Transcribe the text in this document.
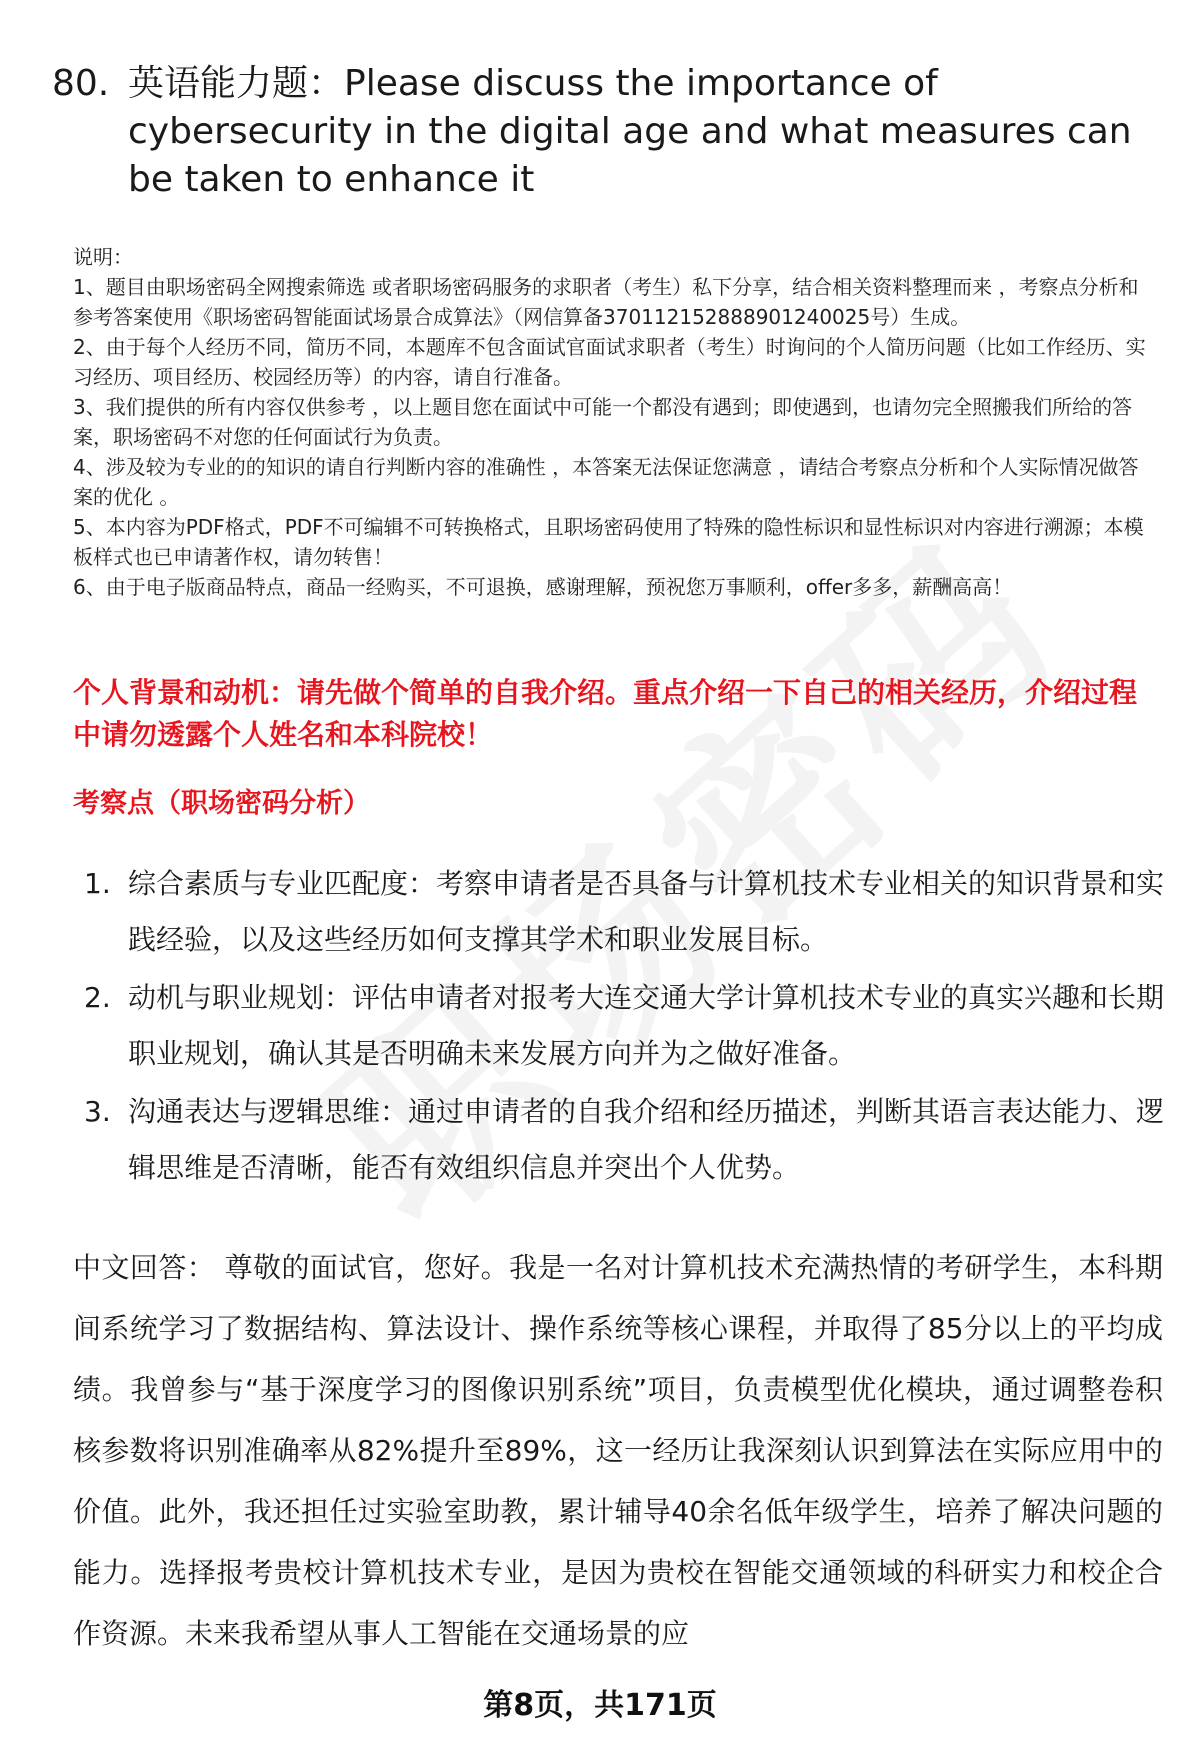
80. 英语能力题：Please discuss the importance of cybersecurity in the digital age and what measures can be taken to enhance it

说明：

1、题目由职场密码全网搜索筛选 或者职场密码服务的求职者（考生）私下分享，结合相关资料整理而来 ，考察点分析和参考答案使用《职场密码智能面试场景合成算法》（网信算备370112152888901240025号）生成。

2、由于每个人经历不同，简历不同，本题库不包含面试官面试求职者（考生）时询问的个人简历问题（比如工作经历、实习经历、项目经历、校园经历等）的内容，请自行准备。

3、我们提供的所有内容仅供参考 ，以上题目您在面试中可能一个都没有遇到；即使遇到，也请勿完全照搬我们所给的答案，职场密码不对您的任何面试行为负责。

4、涉及较为专业的的知识的请自行判断内容的准确性 ，本答案无法保证您满意 ，请结合考察点分析和个人实际情况做答案的优化 。

5、本内容为PDF格式，PDF不可编辑不可转换格式，且职场密码使用了特殊的隐性标识和显性标识对内容进行溯源；本模板样式也已申请著作权，请勿转售！

6、由于电子版商品特点，商品一经购买，不可退换，感谢理解，预祝您万事顺利，offer多多，薪酬高高！

个人背景和动机：请先做个简单的自我介绍。重点介绍一下自己的相关经历，介绍过程中请勿透露个人姓名和本科院校！
考察点（职场密码分析）
1. 综合素质与专业匹配度：考察申请者是否具备与计算机技术专业相关的知识背景和实践经验，以及这些经历如何支撑其学术和职业发展目标。
2. 动机与职业规划：评估申请者对报考大连交通大学计算机技术专业的真实兴趣和长期职业规划，确认其是否明确未来发展方向并为之做好准备。
3. 沟通表达与逻辑思维：通过申请者的自我介绍和经历描述，判断其语言表达能力、逻辑思维是否清晰，能否有效组织信息并突出个人优势。
中文回答： 尊敬的面试官，您好。我是一名对计算机技术充满热情的考研学生，本科期间系统学习了数据结构、算法设计、操作系统等核心课程，并取得了85分以上的平均成绩。我曾参与“基于深度学习的图像识别系统”项目，负责模型优化模块，通过调整卷积核参数将识别准确率从82%提升至89%，这一经历让我深刻认识到算法在实际应用中的价值。此外，我还担任过实验室助教，累计辅导40余名低年级学生，培养了解决问题的能力。选择报考贵校计算机技术专业，是因为贵校在智能交通领域的科研实力和校企合作资源。未来我希望从事人工智能在交通场景的应
第8页，共171页
